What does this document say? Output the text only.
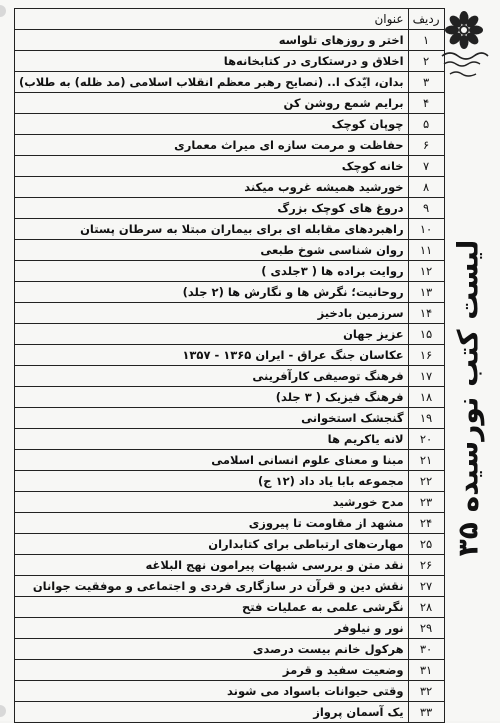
لیست کتب نورسیده ۳۵
ردیف	عنوان
۱	اختر و روزهای تلواسه
۲	اخلاق و درستکاری در کتابخانه‌ها
۳	بدان، ایّدک ا.. (نصایح رهبر معظم انقلاب اسلامی (مد ظله) به طلاب)
۴	برایم شمع روشن کن
۵	چوپان کوچک
۶	حفاظت و مرمت سازه ای میراث معماری
۷	خانه کوچک
۸	خورشید همیشه غروب میکند
۹	دروغ های کوچک بزرگ
۱۰	راهبردهای مقابله ای برای بیماران مبتلا به سرطان پستان
۱۱	روان شناسی شوخ طبعی
۱۲	روایت براده ها ( ۳جلدی )
۱۳	روحانیت؛ نگرش ها و نگارش ها (۲ جلد)
۱۴	سرزمین بادخیز
۱۵	عزیز جهان
۱۶	عکاسان جنگ عراق - ایران ۱۳۶۵ - ۱۳۵۷
۱۷	فرهنگ توصیفی کارآفرینی
۱۸	فرهنگ فیزیک ( ۳ جلد)
۱۹	گنجشک استخوانی
۲۰	لانه یاکریم ها
۲۱	مبنا و معنای علوم انسانی اسلامی
۲۲	مجموعه بابا یاد داد (۱۲ ج)
۲۳	مدح خورشید
۲۴	مشهد از مقاومت تا پیروزی
۲۵	مهارت‌های ارتباطی برای کتابداران
۲۶	نقد متن و بررسی شبهات پیرامون نهج البلاغه
۲۷	نقش دین و قرآن در سازگاری فردی و اجتماعی و موفقیت جوانان
۲۸	نگرشی علمی به عملیات فتح
۲۹	نور و نیلوفر
۳۰	هرکول خانم بیست درصدی
۳۱	وضعیت سفید و قرمز
۳۲	وقتی حیوانات باسواد می شوند
۳۳	یک آسمان پرواز
